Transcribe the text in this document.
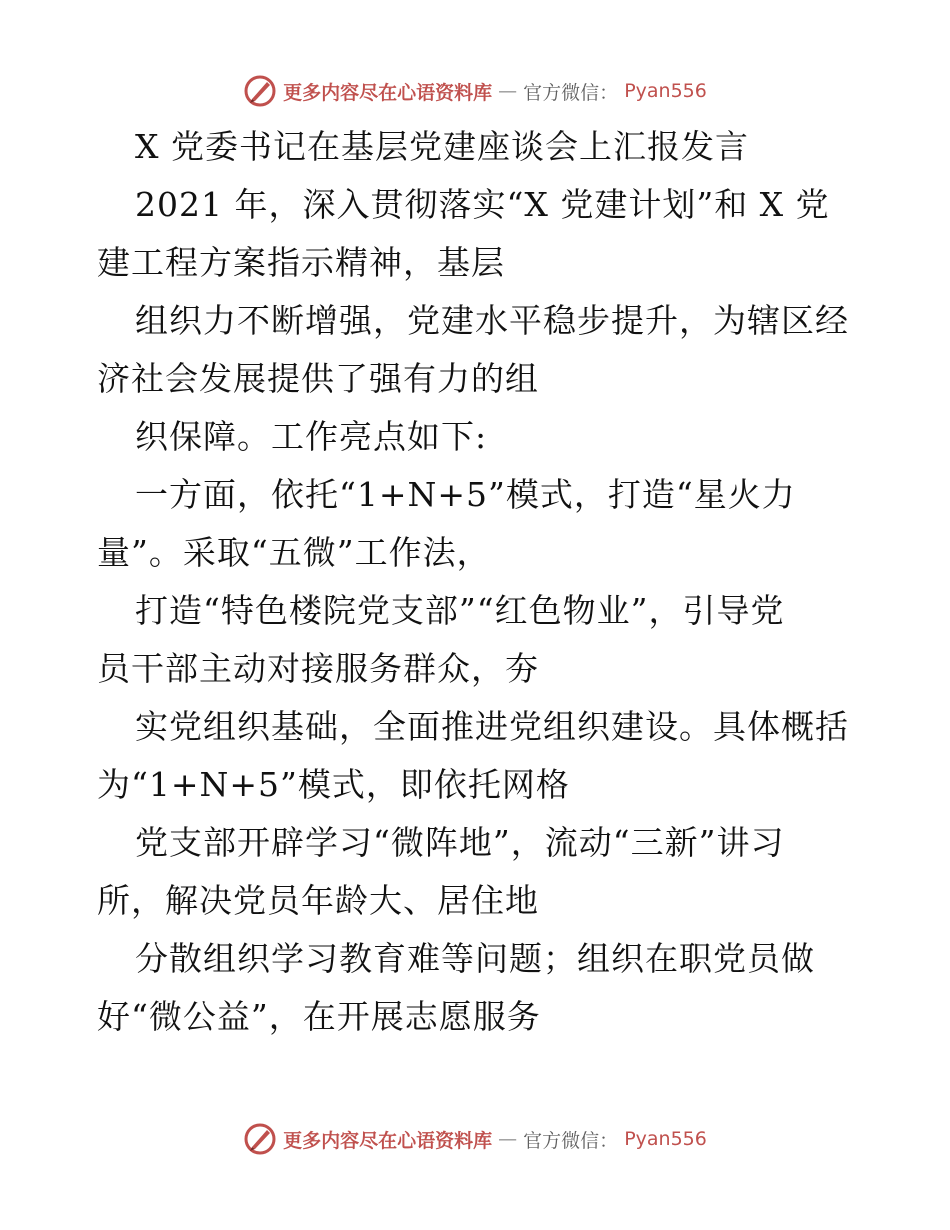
更多内容尽在心语资料库 — 官方微信： Pyan556
X 党委书记在基层党建座谈会上汇报发言
2021 年，深入贯彻落实“X 党建计划”和 X 党
建工程方案指示精神，基层
组织力不断增强，党建水平稳步提升，为辖区经
济社会发展提供了强有力的组
织保障。工作亮点如下:
一方面，依托“1+N+5”模式，打造“星火力
量”。采取“五微”工作法，
打造“特色楼院党支部”“红色物业”，引导党
员干部主动对接服务群众，夯
实党组织基础，全面推进党组织建设。具体概括
为“1+N+5”模式，即依托网格
党支部开辟学习“微阵地”，流动“三新”讲习
所，解决党员年龄大、居住地
分散组织学习教育难等问题；组织在职党员做
好“微公益”，在开展志愿服务
更多内容尽在心语资料库 — 官方微信： Pyan556
